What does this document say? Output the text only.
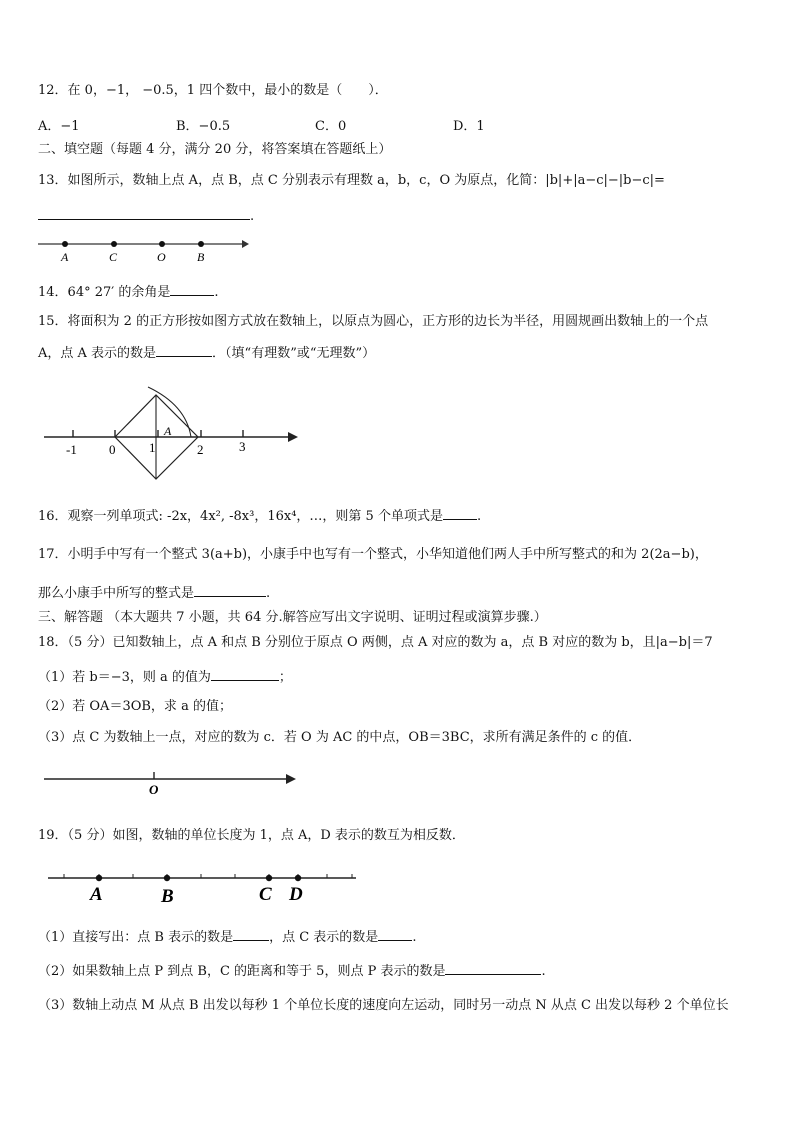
12．在 0，−1， −0.5，1 四个数中，最小的数是（　　）．
A．−1	B．−0.5	C．0	D．1
二、填空题（每题 4 分，满分 20 分，将答案填在答题纸上）
13．如图所示，数轴上点 A，点 B，点 C 分别表示有理数 a，b，c，O 为原点，化简：|b|+|a−c|−|b−c|=
.
A	C	O	B
14．64° 27′ 的余角是	.
15．将面积为 2 的正方形按如图方式放在数轴上，以原点为圆心，正方形的边长为半径，用圆规画出数轴上的一个点
A，点 A 表示的数是	．（填“有理数”或“无理数”）
-1 0	1	2	3
A
16．观察一列单项式: -2x，4x², -8x³，16x⁴，…，则第 5 个单项式是	.
17．小明手中写有一个整式 3(a+b)，小康手中也写有一个整式，小华知道他们两人手中所写整式的和为 2(2a−b)，
那么小康手中所写的整式是	.
三、解答题 （本大题共 7 小题，共 64 分.解答应写出文字说明、证明过程或演算步骤.）
18．（5 分）已知数轴上，点 A 和点 B 分别位于原点 O 两侧，点 A 对应的数为 a，点 B 对应的数为 b，且|a−b|＝7
（1）若 b＝−3，则 a 的值为	；
（2）若 OA＝3OB，求 a 的值；
（3）点 C 为数轴上一点，对应的数为 c．若 O 为 AC 的中点，OB＝3BC，求所有满足条件的 c 的值．
O
19．（5 分）如图，数轴的单位长度为 1，点 A，D 表示的数互为相反数．
A	B	C D
（1）直接写出：点 B 表示的数是	，点 C 表示的数是	.
（2）如果数轴上点 P 到点 B，C 的距离和等于 5，则点 P 表示的数是	.
（3）数轴上动点 M 从点 B 出发以每秒 1 个单位长度的速度向左运动，同时另一动点 N 从点 C 出发以每秒 2 个单位长
